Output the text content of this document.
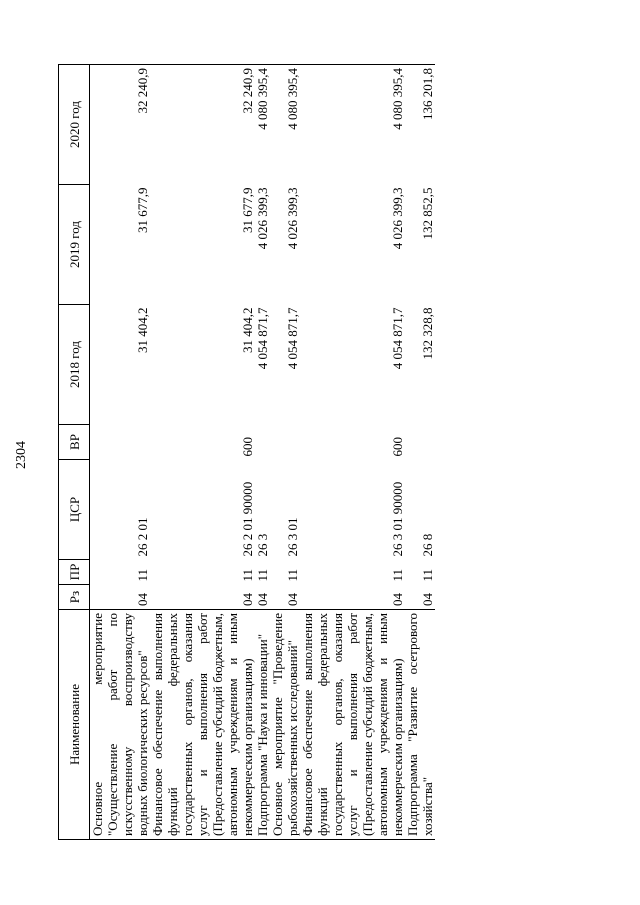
2304
Наименование	Рз	ПР	ЦСР	ВР	2018 год	2019 год	2020 год
Основное мероприятие "Осуществление работ по искусственному воспроизводству водных биологических ресурсов"	04	11	26 2 01		31 404,2	31 677,9	32 240,9
Финансовое обеспечение выполнения функций федеральных государственных органов, оказания услуг и выполнения работ (Предоставление субсидий бюджетным, автономным учреждениям и иным некоммерческим организациям)	04	11	26 2 01 90000	600	31 404,2	31 677,9	32 240,9
Подпрограмма "Наука и инновации"	04	11	26 3		4 054 871,7	4 026 399,3	4 080 395,4
Основное мероприятие "Проведение рыбохозяйственных исследований"	04	11	26 3 01		4 054 871,7	4 026 399,3	4 080 395,4
Финансовое обеспечение выполнения функций федеральных государственных органов, оказания услуг и выполнения работ (Предоставление субсидий бюджетным, автономным учреждениям и иным некоммерческим организациям)	04	11	26 3 01 90000	600	4 054 871,7	4 026 399,3	4 080 395,4
Подпрограмма "Развитие осетрового хозяйства"	04	11	26 8		132 328,8	132 852,5	136 201,8
